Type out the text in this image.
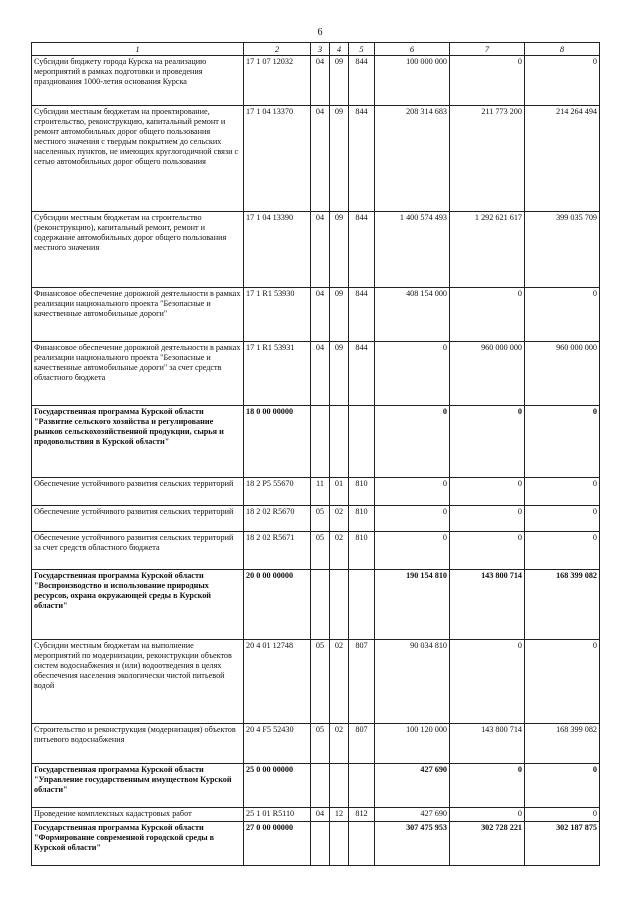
6
1	2	3	4	5	6	7	8
Субсидии бюджету города Курска на реализацию мероприятий в рамках подготовки и проведения празднования 1000-летия основания Курска	17 1 07 12032	04	09	844	100 000 000	0	0
Субсидии местным бюджетам на проектирование, строительство, реконструкцию, капитальный ремонт и ремонт автомобильных дорог общего пользования местного значения с твердым покрытием до сельских населенных пунктов, не имеющих круглогодичной связи с сетью автомобильных дорог общего пользования	17 1 04 13370	04	09	844	208 314 683	211 773 200	214 264 494
Субсидии местным бюджетам на строительство (реконструкцию), капитальный ремонт, ремонт и содержание автомобильных дорог общего пользования местного значения	17 1 04 13390	04	09	844	1 400 574 493	1 292 621 617	399 035 709
Финансовое обеспечение дорожной деятельности в рамках реализации национального проекта "Безопасные и качественные автомобильные дороги"	17 1 R1 53930	04	09	844	408 154 000	0	0
Финансовое обеспечение дорожной деятельности в рамках реализации национального проекта "Безопасные и качественные автомобильные дороги" за счет средств областного бюджета	17 1 R1 53931	04	09	844	0	960 000 000	960 000 000
Государственная программа Курской области "Развитие сельского хозяйства и регулирование рынков сельскохозяйственной продукции, сырья и продовольствия в Курской области"	18 0 00 00000				0	0	0
Обеспечение устойчивого развития сельских территорий	18 2 P5 55670	11	01	810	0	0	0
Обеспечение устойчивого развития сельских территорий	18 2 02 R5670	05	02	810	0	0	0
Обеспечение устойчивого развития сельских территорий за счет средств областного бюджета	18 2 02 R5671	05	02	810	0	0	0
Государственная программа Курской области "Воспроизводство и использование природных ресурсов, охрана окружающей среды в Курской области"	20 0 00 00000				190 154 810	143 800 714	168 399 082
Субсидии местным бюджетам на выполнение мероприятий по модернизации, реконструкции объектов систем водоснабжения и (или) водоотведения в целях обеспечения населения экологически чистой питьевой водой	20 4 01 12748	05	02	807	90 034 810	0	0
Строительство и реконструкция (модернизация) объектов питьевого водоснабжения	20 4 F5 52430	05	02	807	100 120 000	143 800 714	168 399 082
Государственная программа Курской области "Управление государственным имуществом Курской области"	25 0 00 00000				427 690	0	0
Проведение комплексных кадастровых работ	25 1 01 R5110	04	12	812	427 690	0	0
Государственная программа Курской области "Формирование современной городской среды в Курской области"	27 0 00 00000				307 475 953	302 728 221	302 187 875
